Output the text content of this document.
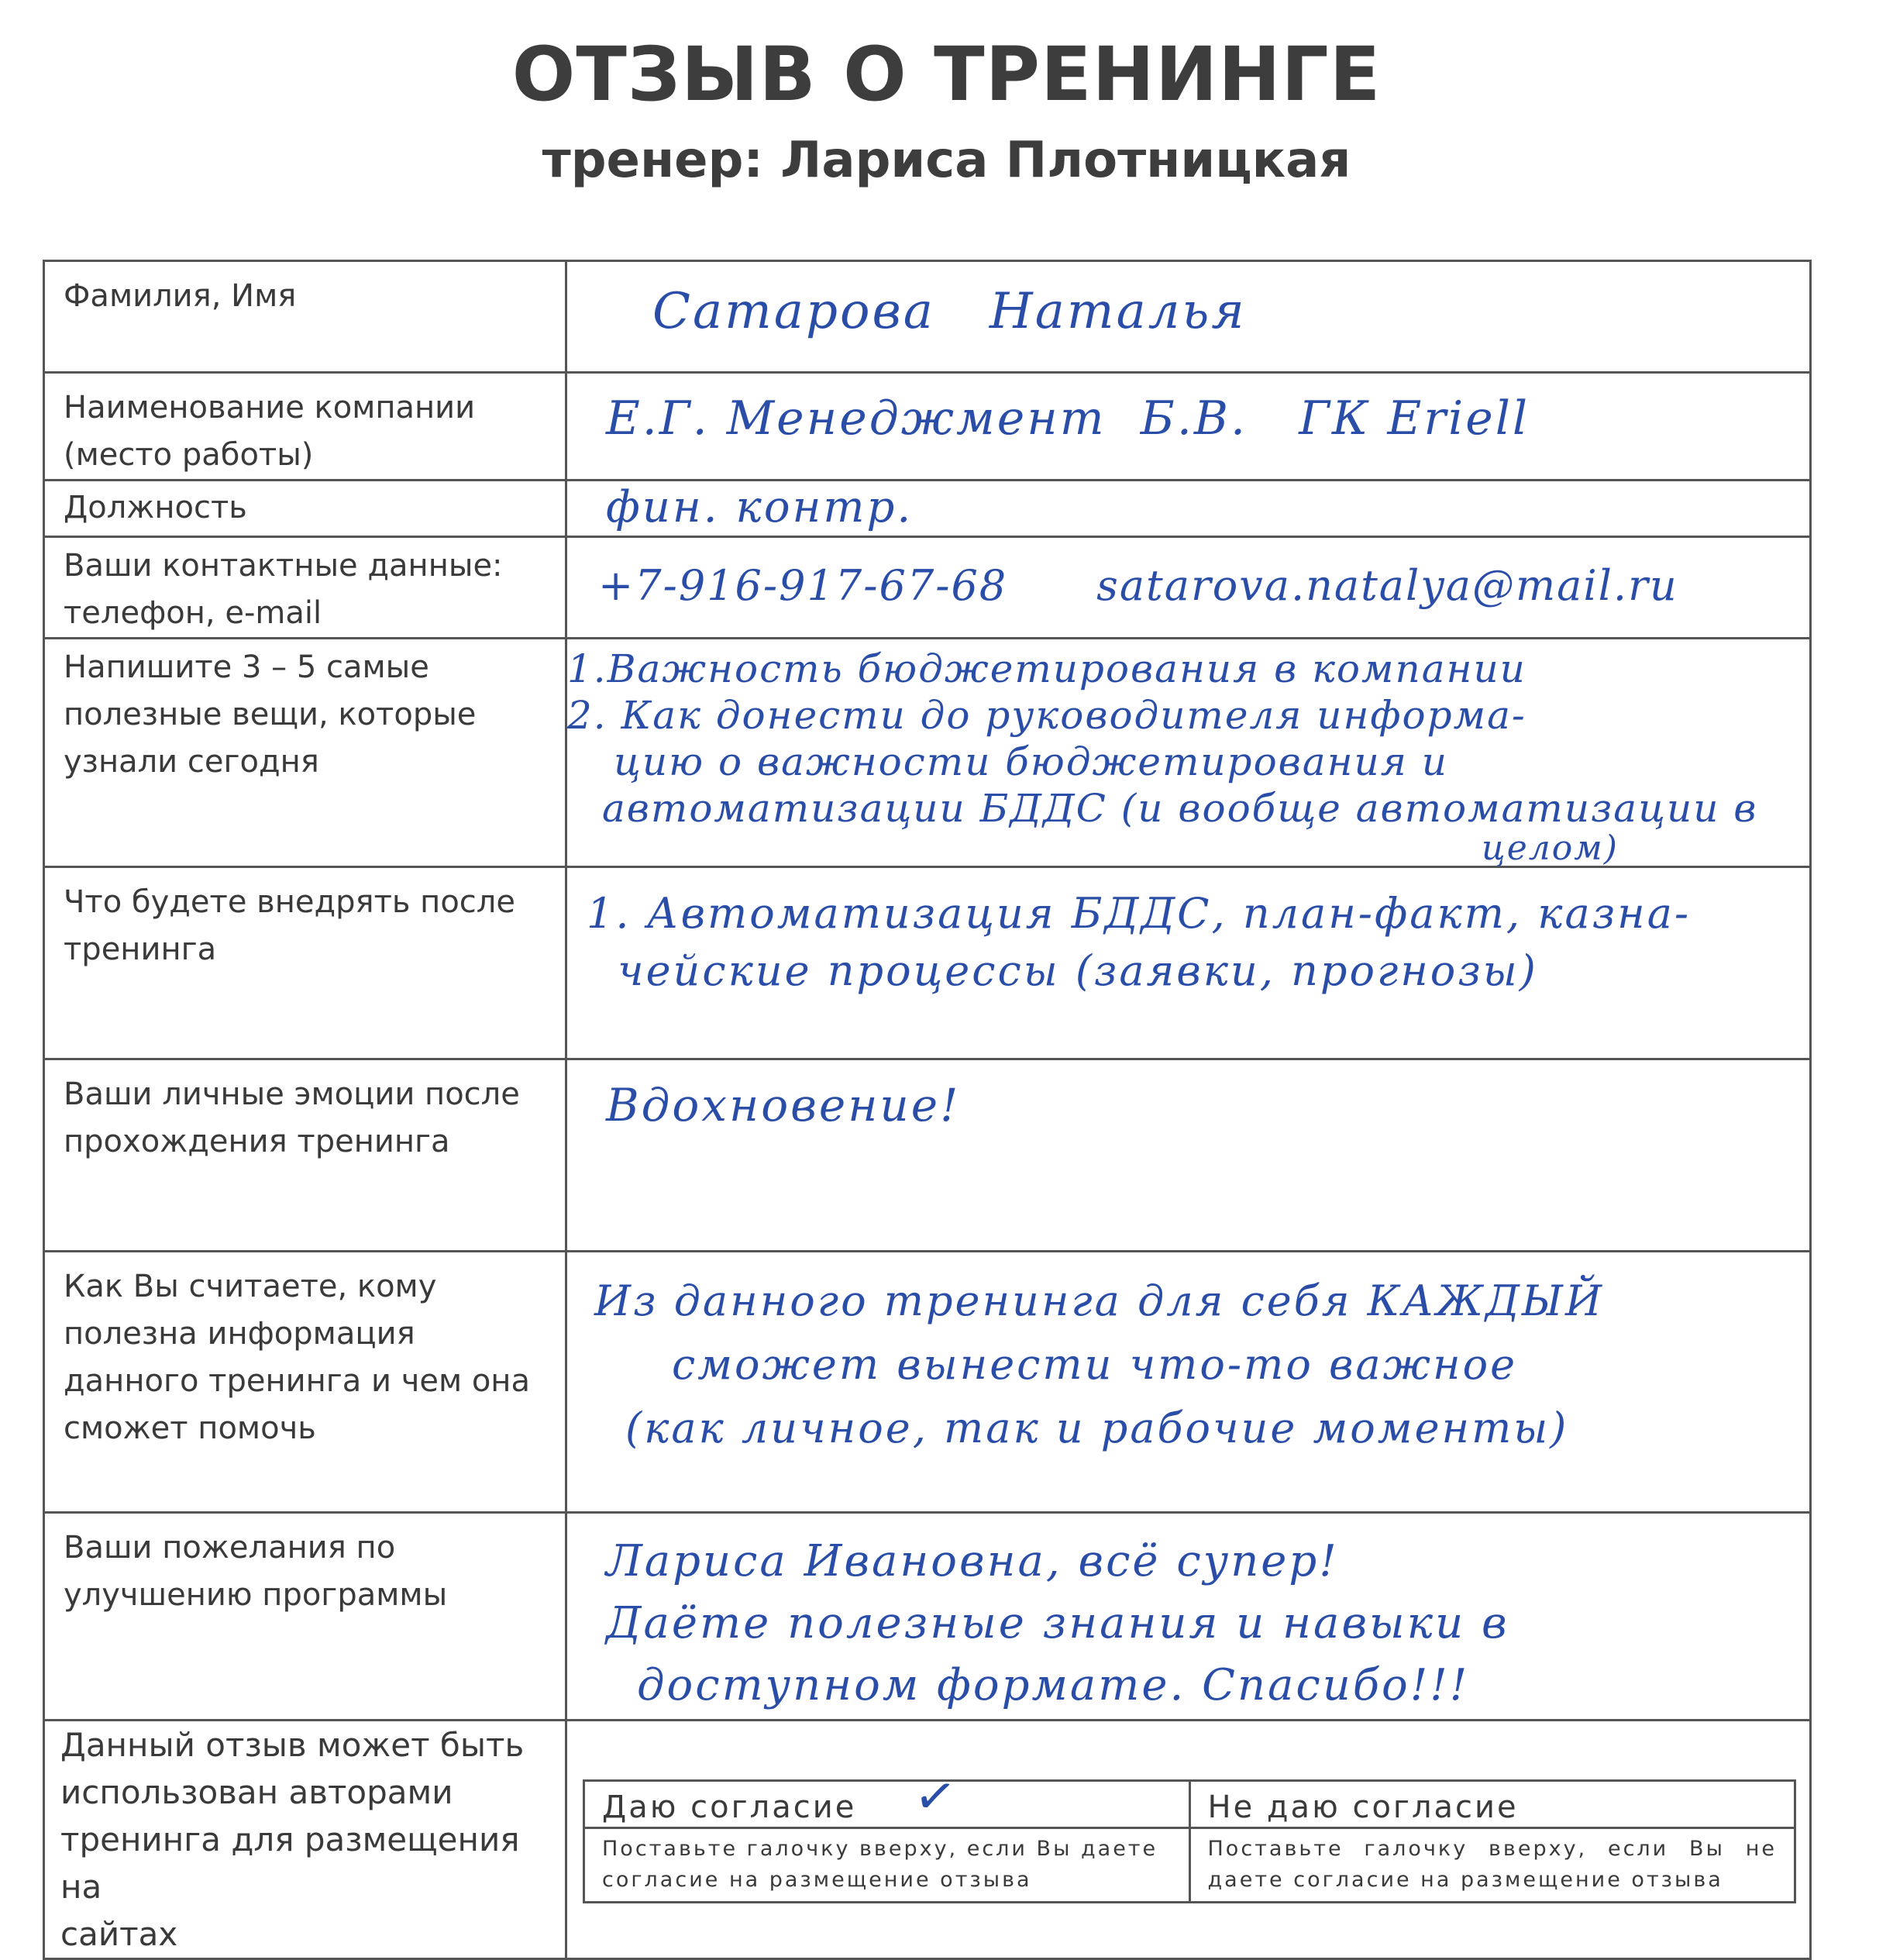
ОТЗЫВ О ТРЕНИНГЕ
тренер: Лариса Плотницкая
Фамилия, Имя	Сатарова   Наталья

Наименование компании
(место работы)

Е.Г. Менеджмент  Б.В.   ГК Eriell

Должность	фин. контр.

Ваши контактные данные:
телефон, e-mail

+7-916-917-67-68      satarova.natalya@mail.ru

Напишите 3 – 5 самые
полезные вещи, которые
узнали сегодня

1.Важность бюджетирования в компании
2. Как донести до руководителя информа-
цию о важности бюджетирования и
автоматизации БДДС (и вообще автоматизации в
целом)

Что будете внедрять после
тренинга

1. Автоматизация БДДС, план-факт, казна-
чейские процессы (заявки, прогнозы)

Ваши личные эмоции после
прохождения тренинга

Вдохновение!

Как Вы считаете, кому
полезна информация
данного тренинга и чем она
сможет помочь

Из данного тренинга для себя КАЖДЫЙ
сможет вынести что-то важное
(как личное, так и рабочие моменты)

Ваши пожелания по
улучшению программы

Лариса Ивановна, всё супер!
Даёте полезные знания и навыки в
доступном формате. Спасибо!!!

Данный отзыв может быть
использован авторами
тренинга для размещения на
сайтах

Даю согласие ✓	Не даю согласие
Поставьте галочку вверху, если Вы даете согласие на размещение отзыва	Поставьте галочку вверху, если Вы не даете согласие на размещение отзыва
